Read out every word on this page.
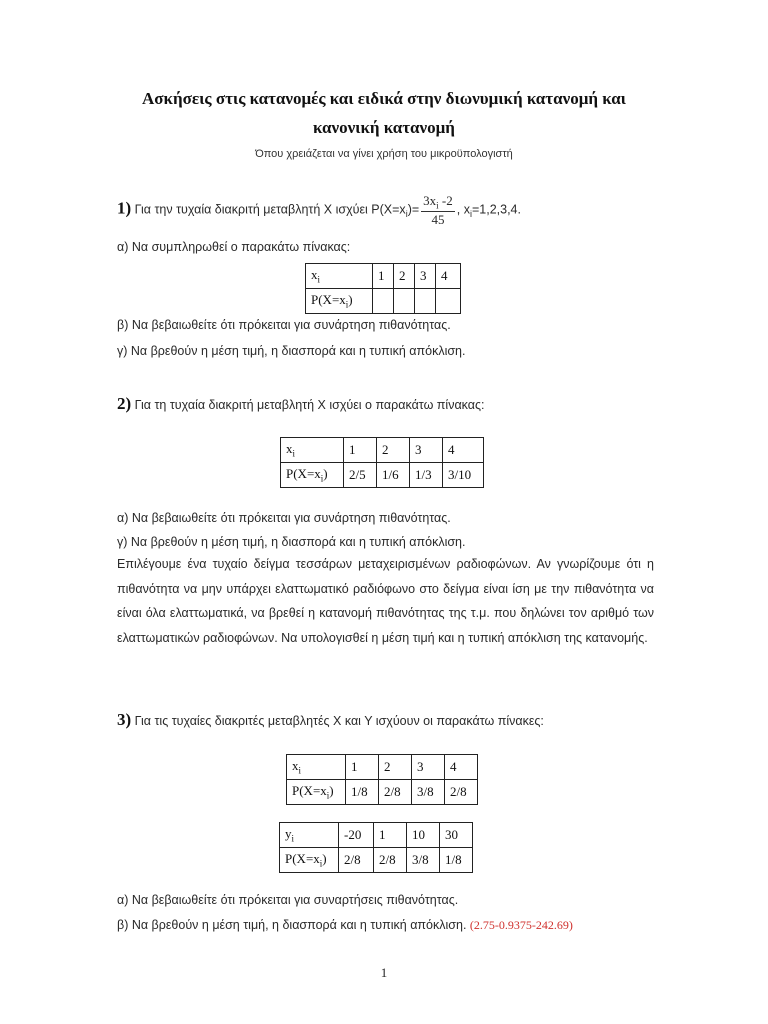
Ασκήσεις στις κατανομές και ειδικά στην διωνυμική κατανομή και
κανονική κατανομή
Όπου χρειάζεται να γίνει χρήση του μικροϋπολογιστή
1) Για την τυχαία διακριτή μεταβλητή Χ ισχύει $P(X=x_i)= \frac{3x_i -2}{45}$ , $x_i=1,2,3,4$.
α) Να συμπληρωθεί ο παρακάτω πίνακας:
$x_i$	1	2	3	4
$P(X=x_i)$				
β) Να βεβαιωθείτε ότι πρόκειται για συνάρτηση πιθανότητας.
γ) Να βρεθούν η μέση τιμή, η διασπορά και η τυπική απόκλιση.
2) Για τη τυχαία διακριτή μεταβλητή Χ ισχύει ο παρακάτω πίνακας:
$x_i$	1	2	3	4
$P(X=x_i)$	2/5	1/6	1/3	3/10
α) Να βεβαιωθείτε ότι πρόκειται για συνάρτηση πιθανότητας.
γ) Να βρεθούν η μέση τιμή, η διασπορά και η τυπική απόκλιση.
Επιλέγουμε ένα τυχαίο δείγμα τεσσάρων μεταχειρισμένων ραδιοφώνων. Αν γνωρίζουμε ότι η πιθανότητα να μην υπάρχει ελαττωματικό ραδιόφωνο στο δείγμα είναι ίση με την πιθανότητα να είναι όλα ελαττωματικά, να βρεθεί η κατανομή πιθανότητας της τ.μ. που δηλώνει τον αριθμό των ελαττωματικών ραδιοφώνων. Να υπολογισθεί η μέση τιμή και η τυπική απόκλιση της κατανομής.
3) Για τις τυχαίες διακριτές μεταβλητές Χ και Υ ισχύουν οι παρακάτω πίνακες:
$x_i$	1	2	3	4
$P(X=x_i)$	1/8	2/8	3/8	2/8
$y_i$	-20	1	10	30
$P(X=x_i)$	2/8	2/8	3/8	1/8
α) Να βεβαιωθείτε ότι πρόκειται για συναρτήσεις πιθανότητας.
β) Να βρεθούν η μέση τιμή, η διασπορά και η τυπική απόκλιση. (2.75-0.9375-242.69)
1
